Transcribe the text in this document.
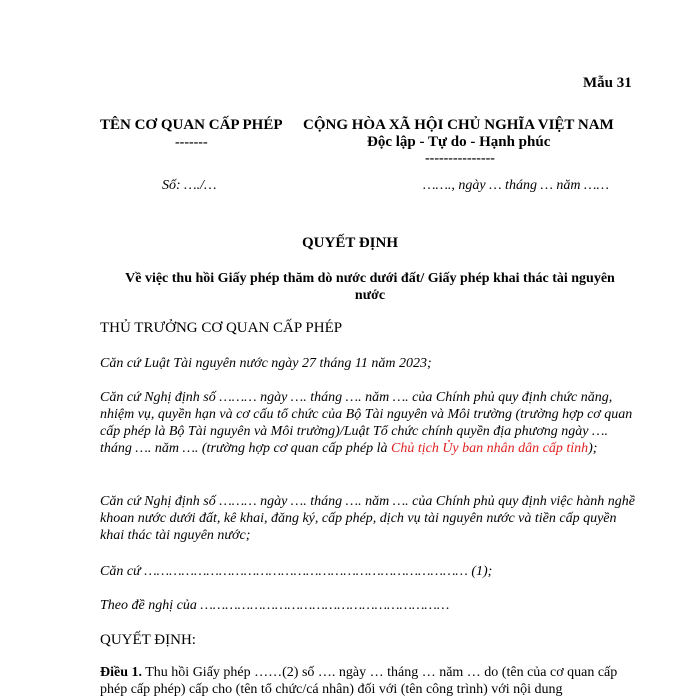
Mẫu 31
TÊN CƠ QUAN CẤP PHÉP
-------
CỘNG HÒA XÃ HỘI CHỦ NGHĨA VIỆT NAM
Độc lập - Tự do - Hạnh phúc
---------------
Số: …./…	……., ngày … tháng … năm ……
QUYẾT ĐỊNH
Về việc thu hồi Giấy phép thăm dò nước dưới đất/ Giấy phép khai thác tài nguyên nước
THỦ TRƯỞNG CƠ QUAN CẤP PHÉP
Căn cứ Luật Tài nguyên nước ngày 27 tháng 11 năm 2023;
Căn cứ Nghị định số ……… ngày …. tháng …. năm …. của Chính phủ quy định chức năng, nhiệm vụ, quyền hạn và cơ cấu tổ chức của Bộ Tài nguyên và Môi trường (trường hợp cơ quan cấp phép là Bộ Tài nguyên và Môi trường)/Luật Tổ chức chính quyền địa phương ngày …. tháng …. năm …. (trường hợp cơ quan cấp phép là Chủ tịch Ủy ban nhân dân cấp tỉnh);
Căn cứ Nghị định số ……… ngày …. tháng …. năm …. của Chính phủ quy định việc hành nghề khoan nước dưới đất, kê khai, đăng ký, cấp phép, dịch vụ tài nguyên nước và tiền cấp quyền khai thác tài nguyên nước;
Căn cứ …………………………………………………………………… (1);
Theo đề nghị của ……………………………………………………
QUYẾT ĐỊNH:
Điều 1. Thu hồi Giấy phép ……(2) số …. ngày … tháng … năm … do (tên của cơ quan cấp phép cấp phép) cấp cho (tên tổ chức/cá nhân) đối với (tên công trình) với nội dung
